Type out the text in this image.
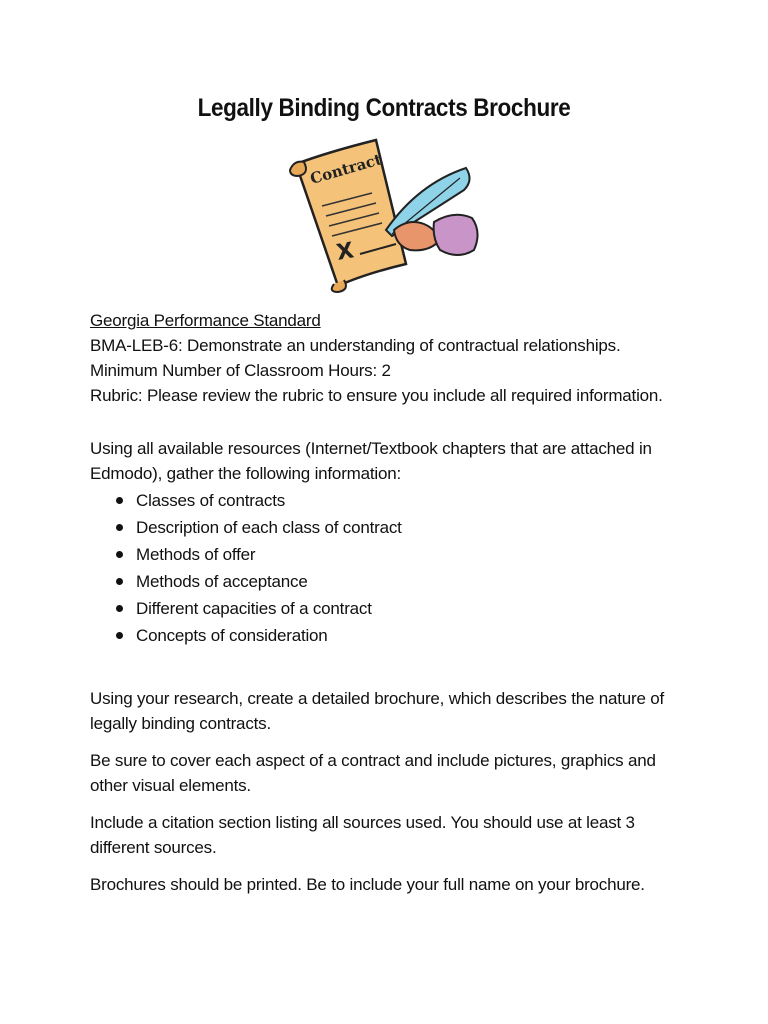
Legally Binding Contracts Brochure
Contract
X
Georgia Performance Standard
BMA-LEB-6: Demonstrate an understanding of contractual relationships.
Minimum Number of Classroom Hours: 2
Rubric: Please review the rubric to ensure you include all required information.
Using all available resources (Internet/Textbook chapters that are attached in
Edmodo), gather the following information:
Classes of contracts
Description of each class of contract
Methods of offer
Methods of acceptance
Different capacities of a contract
Concepts of consideration
Using your research, create a detailed brochure, which describes the nature of
legally binding contracts.
Be sure to cover each aspect of a contract and include pictures, graphics and
other visual elements.
Include a citation section listing all sources used. You should use at least 3
different sources.
Brochures should be printed. Be to include your full name on your brochure.
